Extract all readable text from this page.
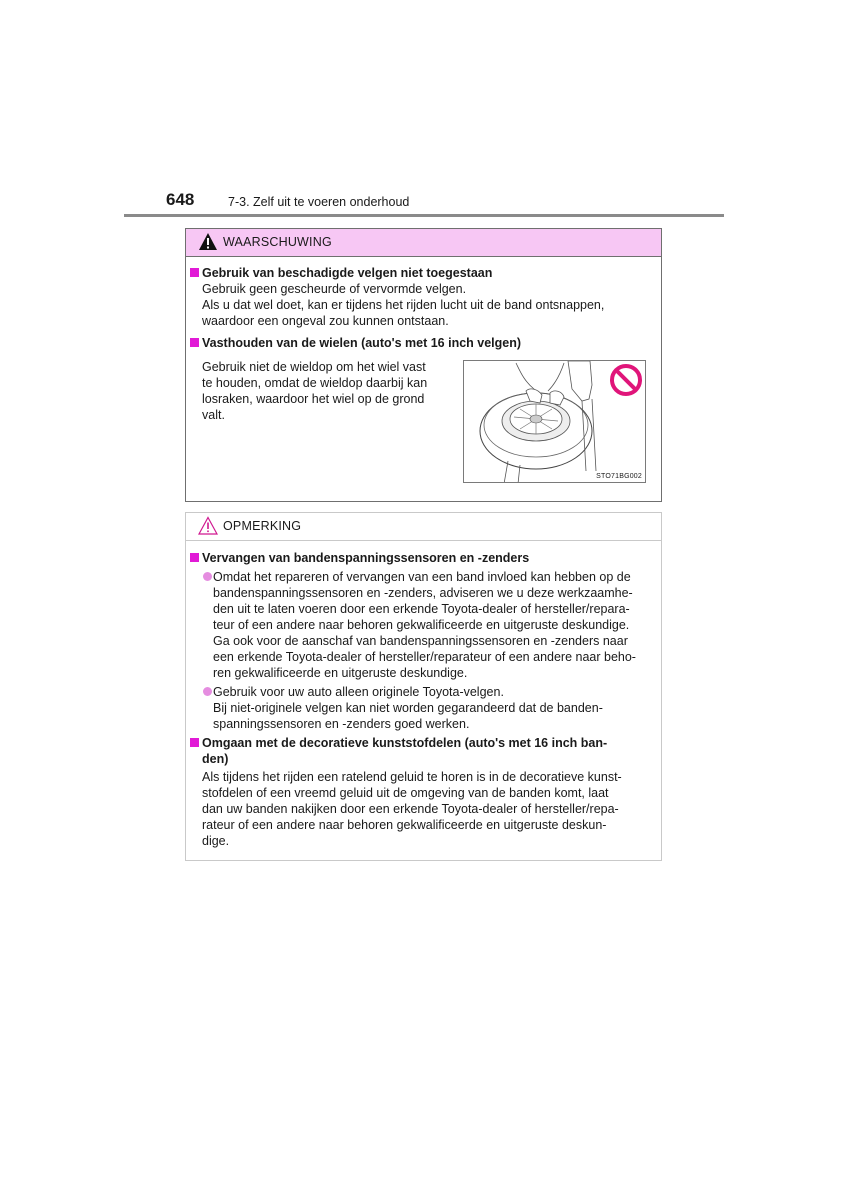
648	7-3. Zelf uit te voeren onderhoud
WAARSCHUWING
Gebruik van beschadigde velgen niet toegestaan
Gebruik geen gescheurde of vervormde velgen.
Als u dat wel doet, kan er tijdens het rijden lucht uit de band ontsnappen,
waardoor een ongeval zou kunnen ontstaan.
Vasthouden van de wielen (auto's met 16 inch velgen)
Gebruik niet de wieldop om het wiel vast
te houden, omdat de wieldop daarbij kan
losraken, waardoor het wiel op de grond
valt.
STO71BG002
OPMERKING
Vervangen van bandenspanningssensoren en -zenders
Omdat het repareren of vervangen van een band invloed kan hebben op de
bandenspanningssensoren en -zenders, adviseren we u deze werkzaamhe-
den uit te laten voeren door een erkende Toyota-dealer of hersteller/repara-
teur of een andere naar behoren gekwalificeerde en uitgeruste deskundige.
Ga ook voor de aanschaf van bandenspanningssensoren en -zenders naar
een erkende Toyota-dealer of hersteller/reparateur of een andere naar beho-
ren gekwalificeerde en uitgeruste deskundige.
Gebruik voor uw auto alleen originele Toyota-velgen.
Bij niet-originele velgen kan niet worden gegarandeerd dat de banden-
spanningssensoren en -zenders goed werken.
Omgaan met de decoratieve kunststofdelen (auto's met 16 inch ban-
den)
Als tijdens het rijden een ratelend geluid te horen is in de decoratieve kunst-
stofdelen of een vreemd geluid uit de omgeving van de banden komt, laat
dan uw banden nakijken door een erkende Toyota-dealer of hersteller/repa-
rateur of een andere naar behoren gekwalificeerde en uitgeruste deskun-
dige.
